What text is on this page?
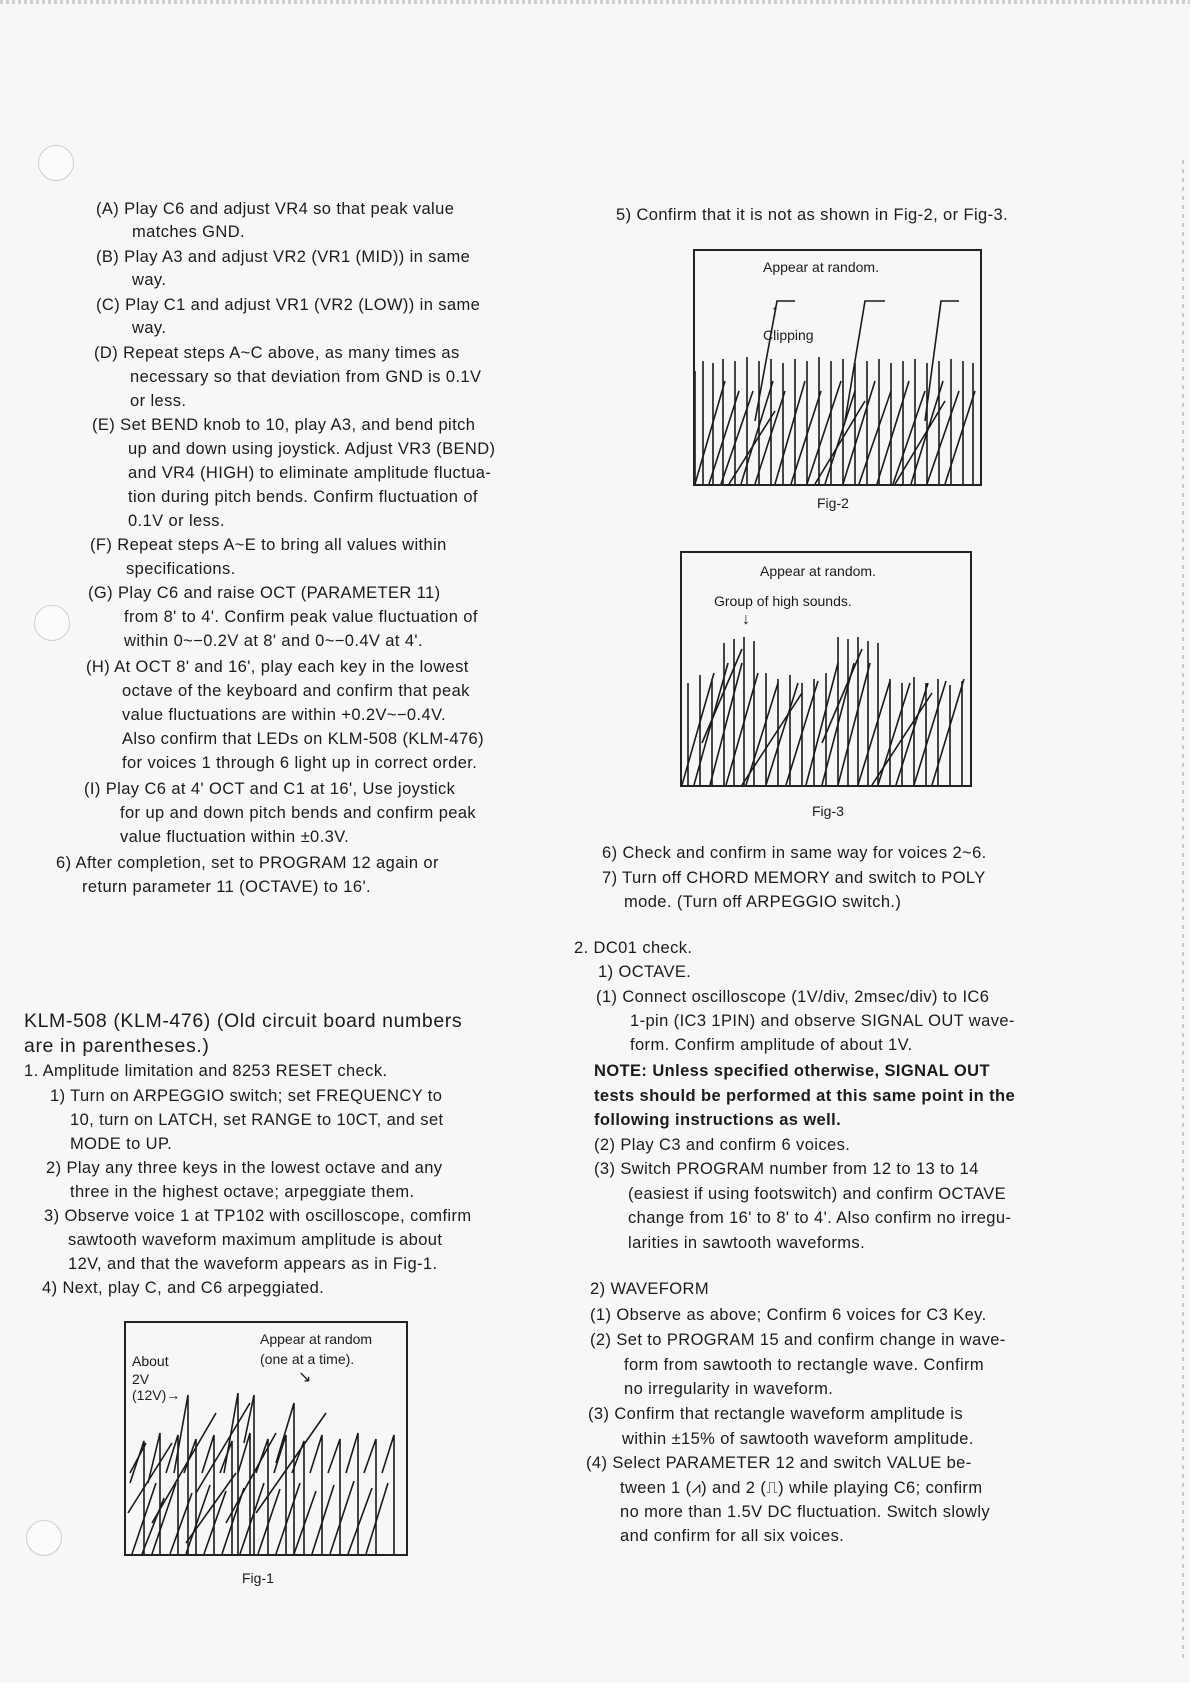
(A) Play C6 and adjust VR4 so that peak value
matches GND.
(B) Play A3 and adjust VR2 (VR1 (MID)) in same
way.
(C) Play C1 and adjust VR1 (VR2 (LOW)) in same
way.
(D) Repeat steps A~C above, as many times as
necessary so that deviation from GND is 0.1V
or less.
(E) Set BEND knob to 10, play A3, and bend pitch
up and down using joystick. Adjust VR3 (BEND)
and VR4 (HIGH) to eliminate amplitude fluctua-
tion during pitch bends. Confirm fluctuation of
0.1V or less.
(F) Repeat steps A~E to bring all values within
specifications.
(G) Play C6 and raise OCT (PARAMETER 11)
from 8' to 4'. Confirm peak value fluctuation of
within 0~−0.2V at 8' and 0~−0.4V at 4'.
(H) At OCT 8' and 16', play each key in the lowest
octave of the keyboard and confirm that peak
value fluctuations are within +0.2V~−0.4V.
Also confirm that LEDs on KLM-508 (KLM-476)
for voices 1 through 6 light up in correct order.
(I) Play C6 at 4' OCT and C1 at 16', Use joystick
for up and down pitch bends and confirm peak
value fluctuation within ±0.3V.
6) After completion, set to PROGRAM 12 again or
return parameter 11 (OCTAVE) to 16'.
KLM-508 (KLM-476) (Old circuit board numbers
are in parentheses.)
1. Amplitude limitation and 8253 RESET check.
1) Turn on ARPEGGIO switch; set FREQUENCY to
10, turn on LATCH, set RANGE to 10CT, and set
MODE to UP.
2) Play any three keys in the lowest octave and any
three in the highest octave; arpeggiate them.
3) Observe voice 1 at TP102 with oscilloscope, comfirm
sawtooth waveform maximum amplitude is about
12V, and that the waveform appears as in Fig-1.
4) Next, play C, and C6 arpeggiated.
About
2V
(12V)→
Appear at random
(one at a time).
↘
Fig-1
5) Confirm that it is not as shown in Fig-2, or Fig-3.
Appear at random.
↑
Clipping
Fig-2
Appear at random.
Group of high sounds.
↓
Fig-3
6) Check and confirm in same way for voices 2~6.
7) Turn off CHORD MEMORY and switch to POLY
mode. (Turn off ARPEGGIO switch.)
2. DC01 check.
1) OCTAVE.
(1) Connect oscilloscope (1V/div, 2msec/div) to IC6
1-pin (IC3 1PIN) and observe SIGNAL OUT wave-
form. Confirm amplitude of about 1V.
NOTE: Unless specified otherwise, SIGNAL OUT
tests should be performed at this same point in the
following instructions as well.
(2) Play C3 and confirm 6 voices.
(3) Switch PROGRAM number from 12 to 13 to 14
(easiest if using footswitch) and confirm OCTAVE
change from 16' to 8' to 4'. Also confirm no irregu-
larities in sawtooth waveforms.
2) WAVEFORM
(1) Observe as above; Confirm 6 voices for C3 Key.
(2) Set to PROGRAM 15 and confirm change in wave-
form from sawtooth to rectangle wave. Confirm
no irregularity in waveform.
(3) Confirm that rectangle waveform amplitude is
within ±15% of sawtooth waveform amplitude.
(4) Select PARAMETER 12 and switch VALUE be-
tween 1 (⩘) and 2 (⎍) while playing C6; confirm
no more than 1.5V DC fluctuation. Switch slowly
and confirm for all six voices.
